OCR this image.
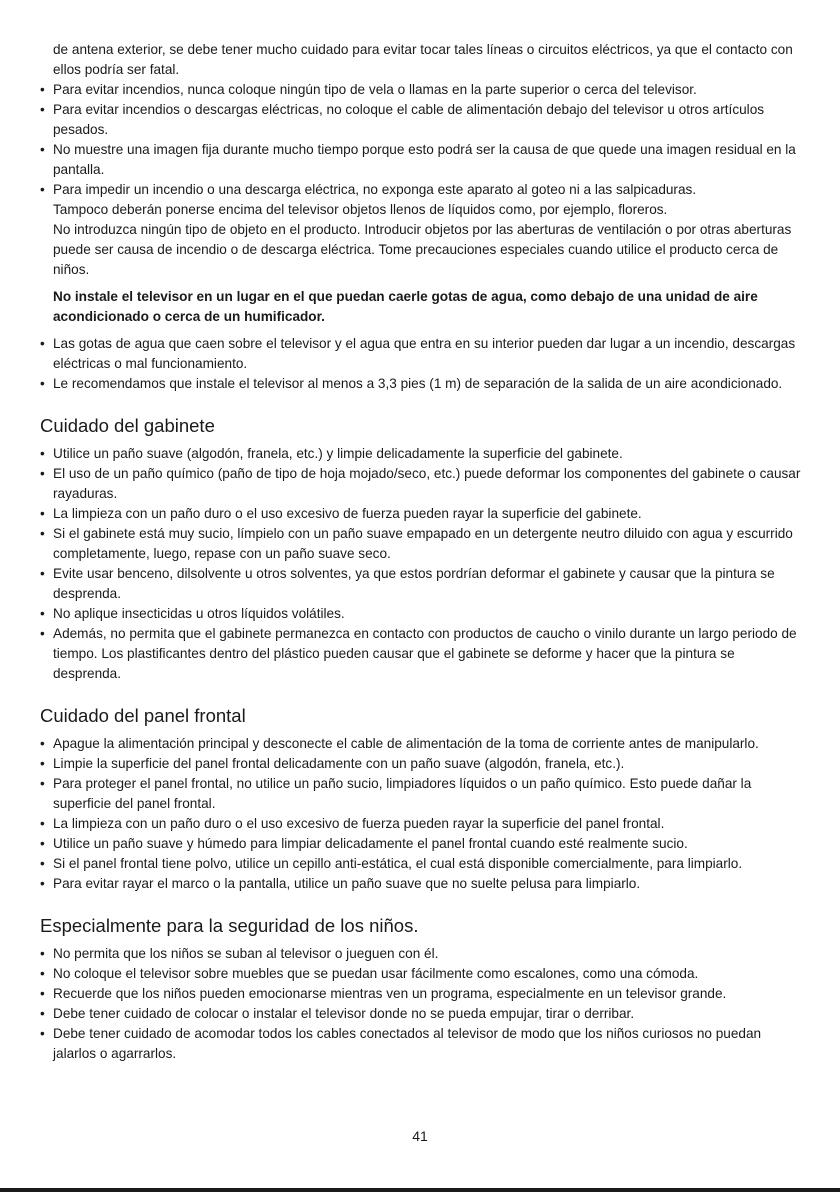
de antena exterior, se debe tener mucho cuidado para evitar tocar tales líneas o circuitos eléctricos, ya que el contacto con ellos podría ser fatal.

• Para evitar incendios, nunca coloque ningún tipo de vela o llamas en la parte superior o cerca del televisor.
• Para evitar incendios o descargas eléctricas, no coloque el cable de alimentación debajo del televisor u otros artículos pesados.
• No muestre una imagen fija durante mucho tiempo porque esto podrá ser la causa de que quede una imagen residual en la pantalla.
• Para impedir un incendio o una descarga eléctrica, no exponga este aparato al goteo ni a las salpicaduras.
Tampoco deberán ponerse encima del televisor objetos llenos de líquidos como, por ejemplo, floreros.
No introduzca ningún tipo de objeto en el producto. Introducir objetos por las aberturas de ventilación o por otras aberturas puede ser causa de incendio o de descarga eléctrica. Tome precauciones especiales cuando utilice el producto cerca de niños.

No instale el televisor en un lugar en el que puedan caerle gotas de agua, como debajo de una unidad de aire acondicionado o cerca de un humificador.

• Las gotas de agua que caen sobre el televisor y el agua que entra en su interior pueden dar lugar a un incendio, descargas eléctricas o mal funcionamiento.
• Le recomendamos que instale el televisor al menos a 3,3 pies (1 m) de separación de la salida de un aire acondicionado.
Cuidado del gabinete
• Utilice un paño suave (algodón, franela, etc.) y limpie delicadamente la superficie del gabinete.
• El uso de un paño químico (paño de tipo de hoja mojado/seco, etc.) puede deformar los componentes del gabinete o causar rayaduras.
• La limpieza con un paño duro o el uso excesivo de fuerza pueden rayar la superficie del gabinete.
• Si el gabinete está muy sucio, límpielo con un paño suave empapado en un detergente neutro diluido con agua y escurrido completamente, luego, repase con un paño suave seco.
• Evite usar benceno, dilsolvente u otros solventes, ya que estos pordrían deformar el gabinete y causar que la pintura se desprenda.
• No aplique insecticidas u otros líquidos volátiles.
• Además, no permita que el gabinete permanezca en contacto con productos de caucho o vinilo durante un largo periodo de tiempo. Los plastificantes dentro del plástico pueden causar que el gabinete se deforme y hacer que la pintura se desprenda.
Cuidado del panel frontal
• Apague la alimentación principal y desconecte el cable de alimentación de la toma de corriente antes de manipularlo.
• Limpie la superficie del panel frontal delicadamente con un paño suave (algodón, franela, etc.).
• Para proteger el panel frontal, no utilice un paño sucio, limpiadores líquidos o un paño químico. Esto puede dañar la superficie del panel frontal.
• La limpieza con un paño duro o el uso excesivo de fuerza pueden rayar la superficie del panel frontal.
• Utilice un paño suave y húmedo para limpiar delicadamente el panel frontal cuando esté realmente sucio.
• Si el panel frontal tiene polvo, utilice un cepillo anti-estática, el cual está disponible comercialmente, para limpiarlo.
• Para evitar rayar el marco o la pantalla, utilice un paño suave que no suelte pelusa para limpiarlo.
Especialmente para la seguridad de los niños.
• No permita que los niños se suban al televisor o jueguen con él.
• No coloque el televisor sobre muebles que se puedan usar fácilmente como escalones, como una cómoda.
• Recuerde que los niños pueden emocionarse mientras ven un programa, especialmente en un televisor grande.
• Debe tener cuidado de colocar o instalar el televisor donde no se pueda empujar, tirar o derribar.
• Debe tener cuidado de acomodar todos los cables conectados al televisor de modo que los niños curiosos no puedan jalarlos o agarrarlos.
41
